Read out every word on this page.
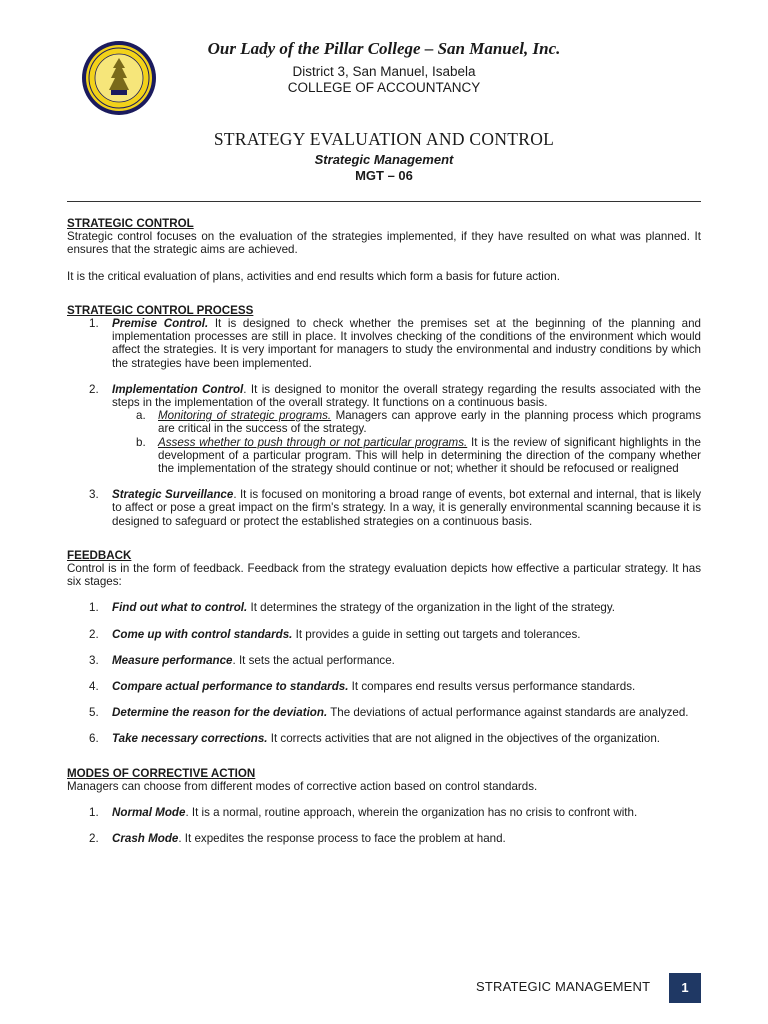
Our Lady of the Pillar College – San Manuel, Inc.
District 3, San Manuel, Isabela
COLLEGE OF ACCOUNTANCY
STRATEGY EVALUATION AND CONTROL
Strategic Management
MGT – 06

STRATEGIC CONTROL

Strategic control focuses on the evaluation of the strategies implemented, if they have resulted on what was planned. It ensures that the strategic aims are achieved.

It is the critical evaluation of plans, activities and end results which form a basis for future action.

STRATEGIC CONTROL PROCESS

1. Premise Control. It is designed to check whether the premises set at the beginning of the planning and implementation processes are still in place. It involves checking of the conditions of the environment which would affect the strategies. It is very important for managers to study the environmental and industry conditions by which the strategies have been implemented.
2. Implementation Control. It is designed to monitor the overall strategy regarding the results associated with the steps in the implementation of the overall strategy. It functions on a continuous basis.
a. Monitoring of strategic programs. Managers can approve early in the planning process which programs are critical in the success of the strategy.
b. Assess whether to push through or not particular programs. It is the review of significant highlights in the development of a particular program. This will help in determining the direction of the company whether the implementation of the strategy should continue or not; whether it should be refocused or realigned
3. Strategic Surveillance. It is focused on monitoring a broad range of events, bot external and internal, that is likely to affect or pose a great impact on the firm's strategy. In a way, it is generally environmental scanning because it is designed to safeguard or protect the established strategies on a continuous basis.

FEEDBACK

Control is in the form of feedback. Feedback from the strategy evaluation depicts how effective a particular strategy. It has six stages:

1. Find out what to control. It determines the strategy of the organization in the light of the strategy.
2. Come up with control standards. It provides a guide in setting out targets and tolerances.
3. Measure performance. It sets the actual performance.
4. Compare actual performance to standards. It compares end results versus performance standards.
5. Determine the reason for the deviation. The deviations of actual performance against standards are analyzed.
6. Take necessary corrections. It corrects activities that are not aligned in the objectives of the organization.

MODES OF CORRECTIVE ACTION

Managers can choose from different modes of corrective action based on control standards.

1. Normal Mode. It is a normal, routine approach, wherein the organization has no crisis to confront with.
2. Crash Mode. It expedites the response process to face the problem at hand.
STRATEGIC MANAGEMENT	1
